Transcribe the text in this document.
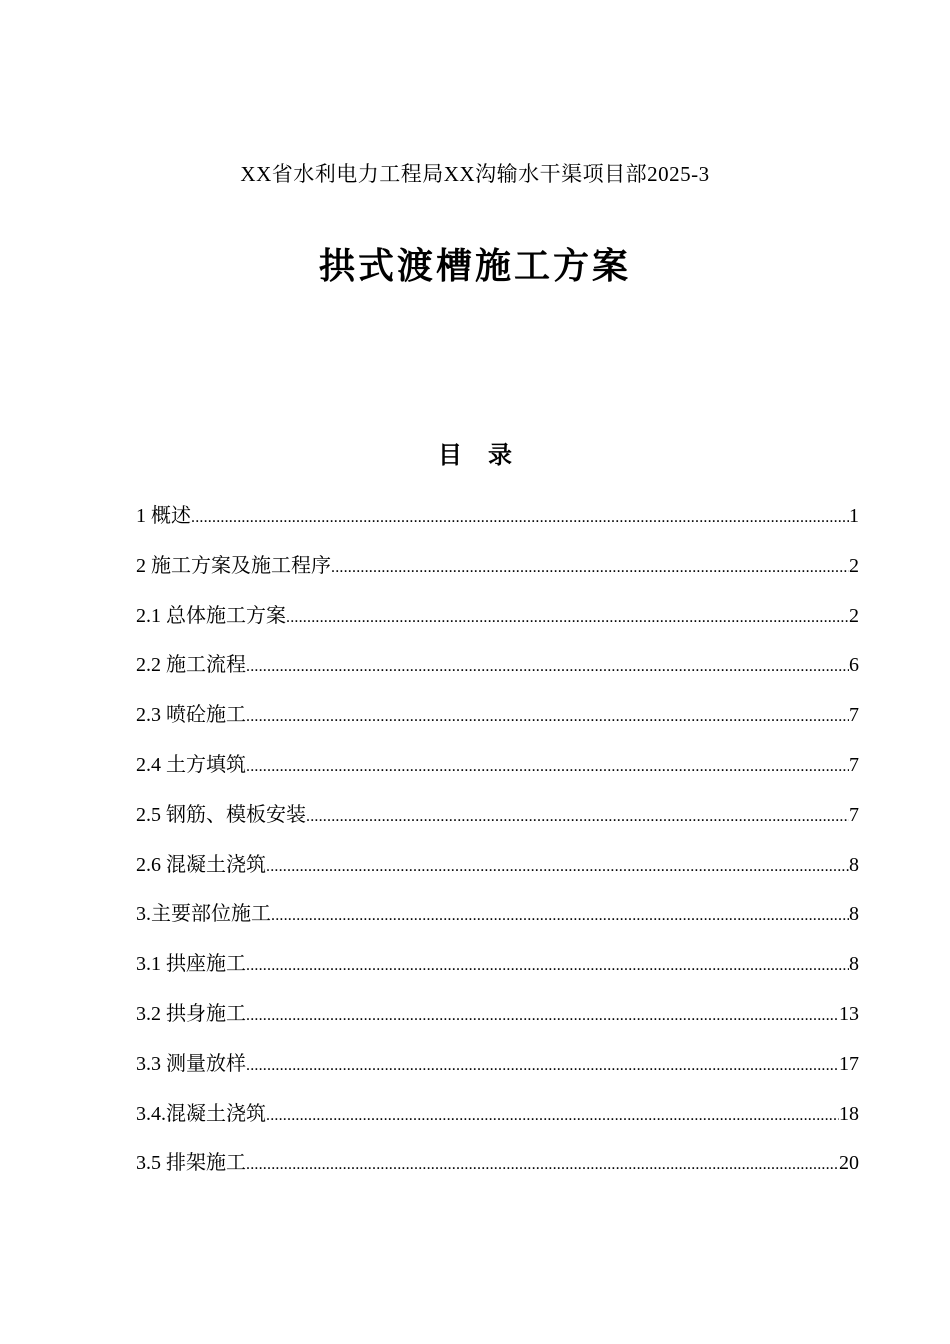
XX省水利电力工程局XX沟输水干渠项目部2025-3
拱式渡槽施工方案
目 录
1 概述 .....	1
2 施工方案及施工程序 .....	2
2.1 总体施工方案 .....	2
2.2 施工流程 .....	6
2.3 喷砼施工 .....	7
2.4 土方填筑 .....	7
2.5 钢筋、模板安装 .....	7
2.6 混凝土浇筑 .....	8
3.主要部位施工 .....	8
3.1 拱座施工 .....	8
3.2 拱身施工 .....	13
3.3 测量放样 .....	17
3.4.混凝土浇筑 .....	18
3.5 排架施工 .....	20
